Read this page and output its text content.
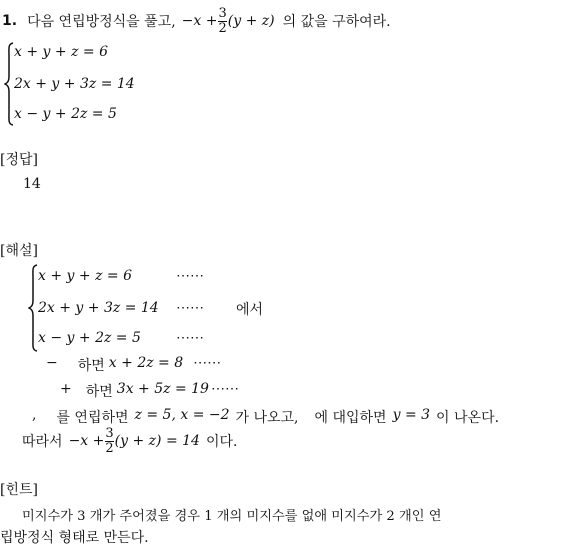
1. 다음 연립방정식을 풀고, $-x + \frac{3}{2} (y + z)$ 의 값을 구하여라.
x + y + z = 6
2x + y + 3z = 14
x − y + 2z = 5
[정답]
14
[해설]
x + y + z = 6	⋯⋯
2x + y + 3z = 14 ⋯⋯ 에서
x − y + 2z = 5	⋯⋯
− 하면 x + 2z = 8 ⋯⋯
+ 하면 3x + 5z = 19 ⋯⋯
, 를 연립하면 z = 5, x = −2 가 나오고, 에 대입하면 y = 3 이 나온다.
따라서 $-x + \frac{3}{2} (y + z) = 14$ 이다.
[힌트]
미지수가 3 개가 주어졌을 경우 1 개의 미지수를 없애 미지수가 2 개인 연
립방정식 형태로 만든다.
